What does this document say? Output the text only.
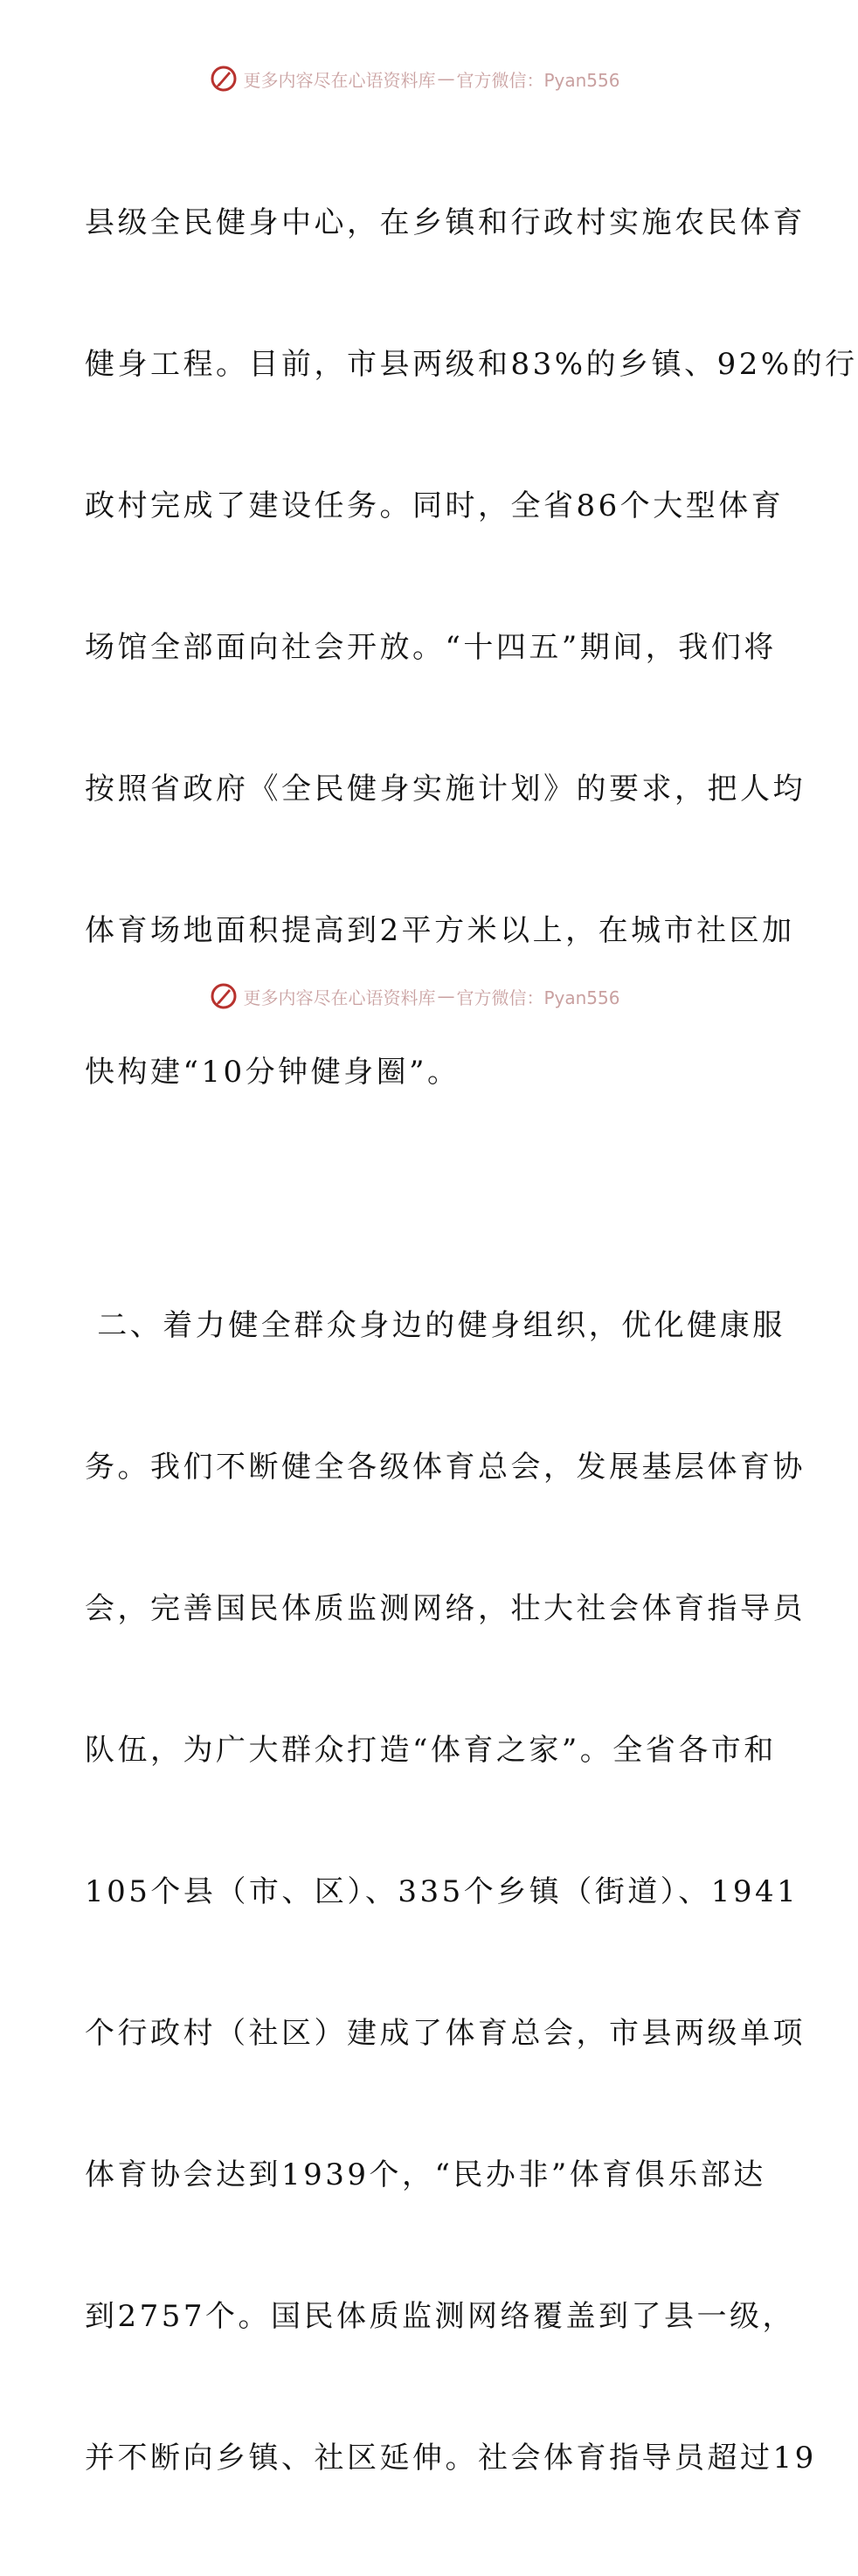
更多内容尽在心语资料库 — 官方微信：Pyan556

县级全民健身中心，在乡镇和行政村实施农民体育

健身工程。目前，市县两级和83%的乡镇、92%的行

政村完成了建设任务。同时，全省86个大型体育

场馆全部面向社会开放。“十四五”期间，我们将

按照省政府《全民健身实施计划》的要求，把人均

体育场地面积提高到2平方米以上，在城市社区加

快构建“10分钟健身圈”。

二、着力健全群众身边的健身组织，优化健康服

务。我们不断健全各级体育总会，发展基层体育协

会，完善国民体质监测网络，壮大社会体育指导员

队伍，为广大群众打造“体育之家”。全省各市和

105个县（市、区）、335个乡镇（街道）、1941

个行政村（社区）建成了体育总会，市县两级单项

体育协会达到1939个，“民办非”体育俱乐部达

到2757个。国民体质监测网络覆盖到了县一级，

并不断向乡镇、社区延伸。社会体育指导员超过19

更多内容尽在心语资料库 — 官方微信：Pyan556
